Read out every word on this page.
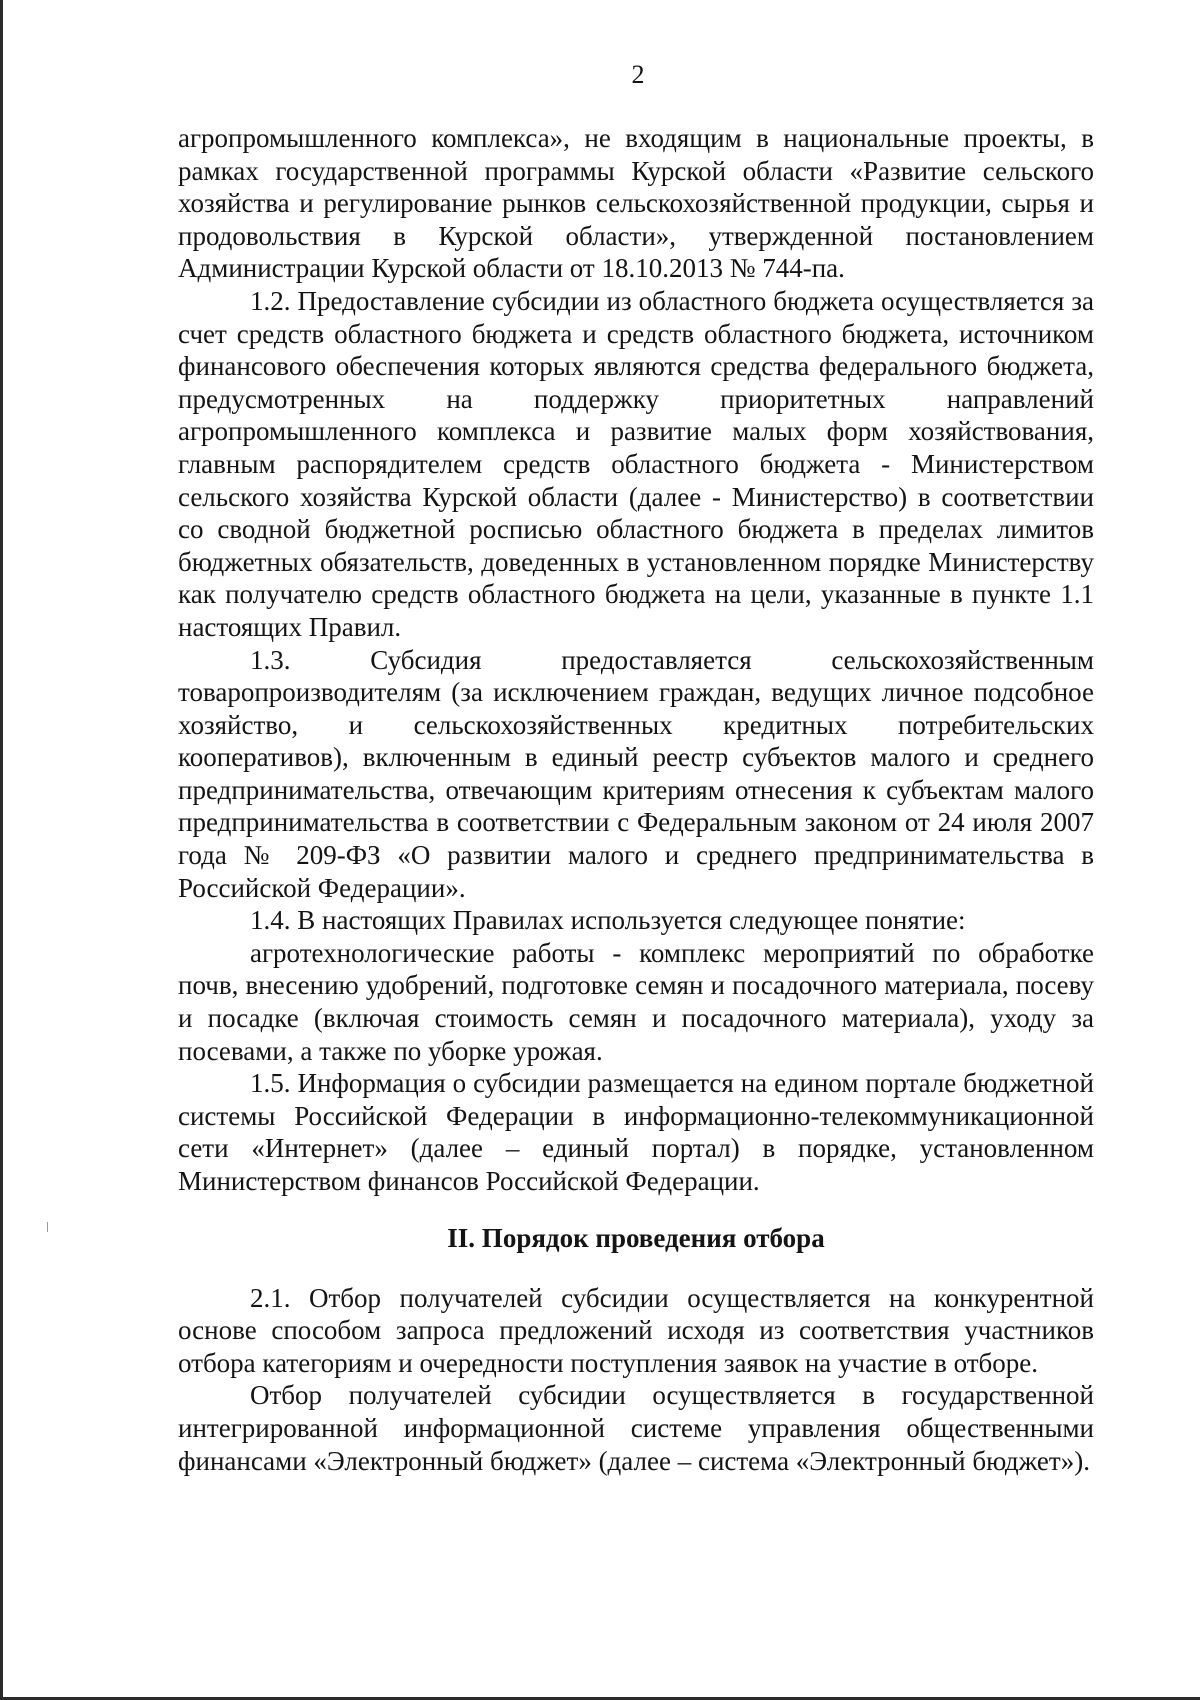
2

агропромышленного комплекса», не входящим в национальные проекты, в рамках государственной программы Курской области «Развитие сельского хозяйства и регулирование рынков сельскохозяйственной продукции, сырья и продовольствия в Курской области», утвержденной постановлением Администрации Курской области от 18.10.2013 № 744-па.

1.2. Предоставление субсидии из областного бюджета осуществляется за счет средств областного бюджета и средств областного бюджета, источником финансового обеспечения которых являются средства федерального бюджета, предусмотренных на поддержку приоритетных направлений агропромышленного комплекса и развитие малых форм хозяйствования, главным распорядителем средств областного бюджета - Министерством сельского хозяйства Курской области (далее - Министерство) в соответствии со сводной бюджетной росписью областного бюджета в пределах лимитов бюджетных обязательств, доведенных в установленном порядке Министерству как получателю средств областного бюджета на цели, указанные в пункте 1.1 настоящих Правил.

1.3. Субсидия предоставляется сельскохозяйственным товаропроизводителям (за исключением граждан, ведущих личное подсобное хозяйство, и сельскохозяйственных кредитных потребительских кооперативов), включенным в единый реестр субъектов малого и среднего предпринимательства, отвечающим критериям отнесения к субъектам малого предпринимательства в соответствии с Федеральным законом от 24 июля 2007 года № 209-ФЗ «О развитии малого и среднего предпринимательства в Российской Федерации».

1.4. В настоящих Правилах используется следующее понятие:

агротехнологические работы - комплекс мероприятий по обработке почв, внесению удобрений, подготовке семян и посадочного материала, посеву и посадке (включая стоимость семян и посадочного материала), уходу за посевами, а также по уборке урожая.

1.5. Информация о субсидии размещается на едином портале бюджетной системы Российской Федерации в информационно-телекоммуникационной сети «Интернет» (далее – единый портал) в порядке, установленном Министерством финансов Российской Федерации.

II. Порядок проведения отбора

2.1. Отбор получателей субсидии осуществляется на конкурентной основе способом запроса предложений исходя из соответствия участников отбора категориям и очередности поступления заявок на участие в отборе.

Отбор получателей субсидии осуществляется в государственной интегрированной информационной системе управления общественными финансами «Электронный бюджет» (далее – система «Электронный бюджет»).
